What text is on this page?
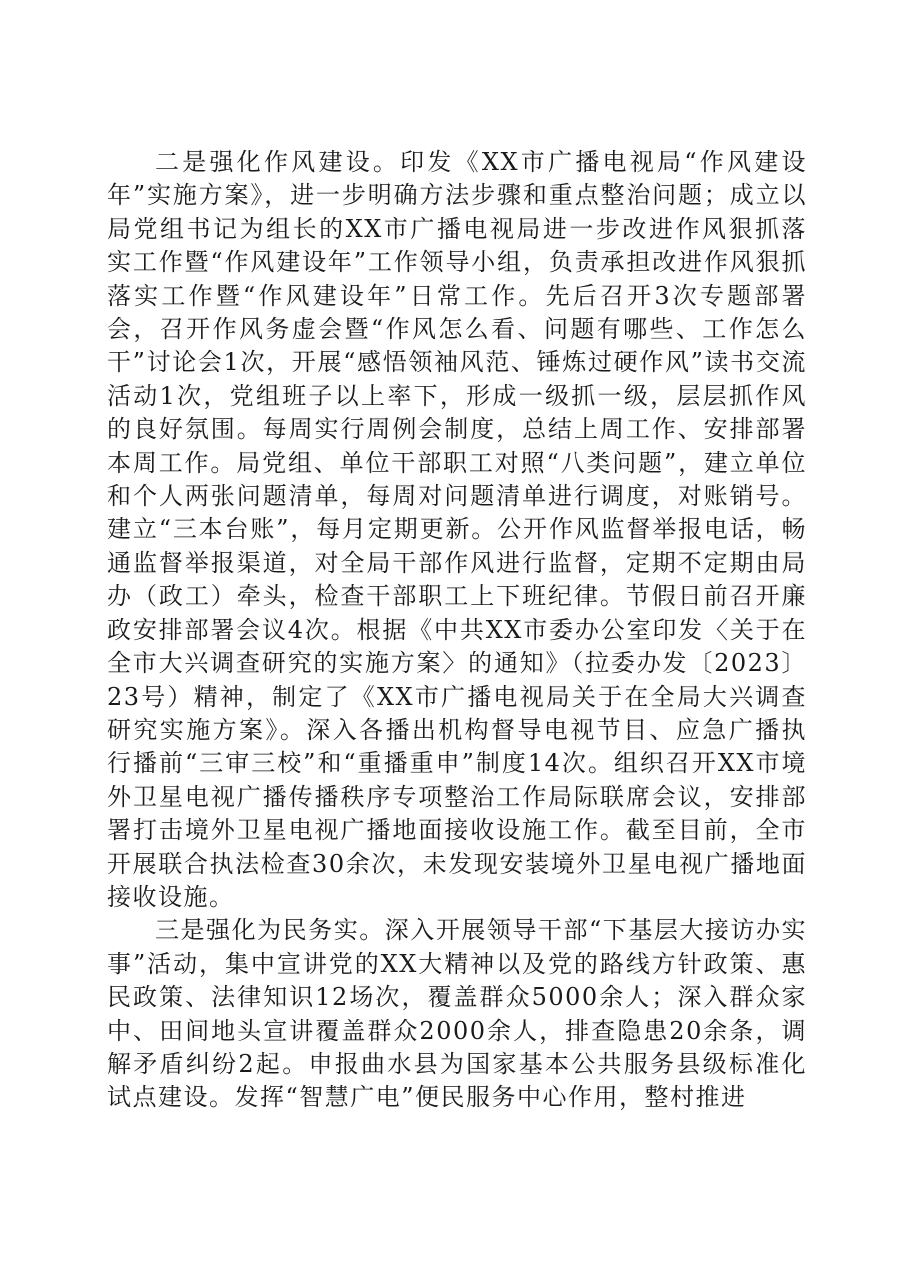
二是强化作风建设。印发《XX市广播电视局“作风建设年”实施方案》，进一步明确方法步骤和重点整治问题；成立以局党组书记为组长的XX市广播电视局进一步改进作风狠抓落实工作暨“作风建设年”工作领导小组，负责承担改进作风狠抓落实工作暨“作风建设年”日常工作。先后召开3次专题部署会，召开作风务虚会暨“作风怎么看、问题有哪些、工作怎么干”讨论会1次，开展“感悟领袖风范、锤炼过硬作风”读书交流活动1次，党组班子以上率下，形成一级抓一级，层层抓作风的良好氛围。每周实行周例会制度，总结上周工作、安排部署本周工作。局党组、单位干部职工对照“八类问题”，建立单位和个人两张问题清单，每周对问题清单进行调度，对账销号。建立“三本台账”，每月定期更新。公开作风监督举报电话，畅通监督举报渠道，对全局干部作风进行监督，定期不定期由局办（政工）牵头，检查干部职工上下班纪律。节假日前召开廉政安排部署会议4次。根据《中共XX市委办公室印发〈关于在全市大兴调查研究的实施方案〉的通知》（拉委办发〔2023〕23号）精神，制定了《XX市广播电视局关于在全局大兴调查研究实施方案》。深入各播出机构督导电视节目、应急广播执行播前“三审三校”和“重播重申”制度14次。组织召开XX市境外卫星电视广播传播秩序专项整治工作局际联席会议，安排部署打击境外卫星电视广播地面接收设施工作。截至目前，全市开展联合执法检查30余次，未发现安装境外卫星电视广播地面接收设施。

三是强化为民务实。深入开展领导干部“下基层大接访办实事”活动，集中宣讲党的XX大精神以及党的路线方针政策、惠民政策、法律知识12场次，覆盖群众5000余人；深入群众家中、田间地头宣讲覆盖群众2000余人，排查隐患20余条，调解矛盾纠纷2起。申报曲水县为国家基本公共服务县级标准化试点建设。发挥“智慧广电”便民服务中心作用，整村推进
